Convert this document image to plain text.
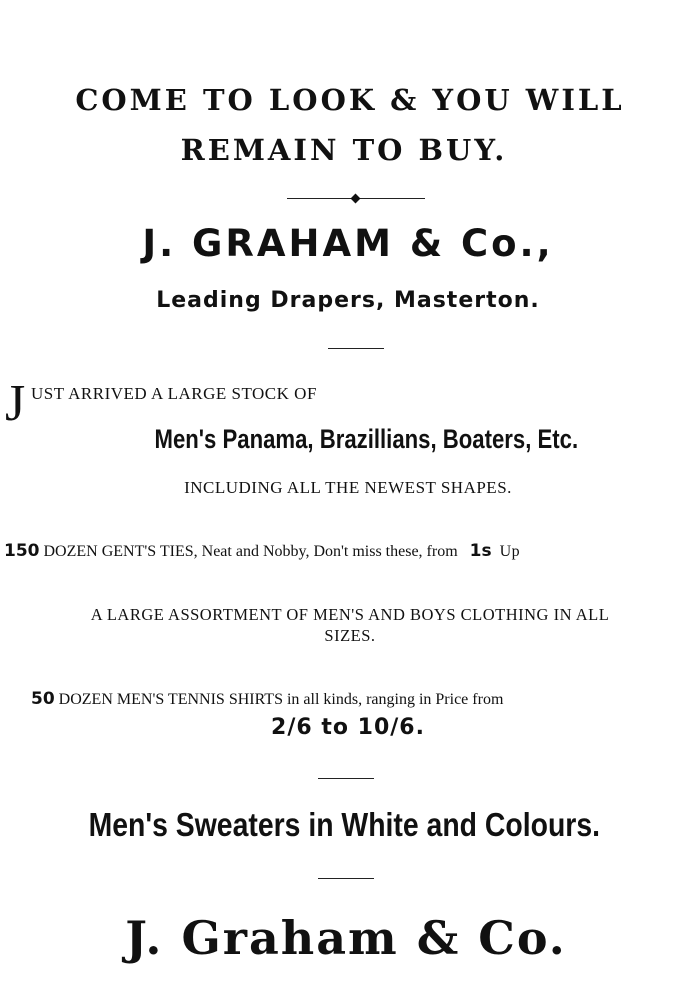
COME TO LOOK & YOU WILL
REMAIN TO BUY.
J. GRAHAM & Co.,
Leading Drapers, Masterton.
J UST ARRIVED A LARGE STOCK OF
Men's Panama, Brazillians, Boaters, Etc.
INCLUDING ALL THE NEWEST SHAPES.
150 DOZEN GENT'S TIES, Neat and Nobby, Don't miss these, from 1s Up
A LARGE ASSORTMENT OF MEN'S AND BOYS CLOTHING IN ALL
SIZES.
50 DOZEN MEN'S TENNIS SHIRTS in all kinds, ranging in Price from
2/6 to 10/6.
Men's Sweaters in White and Colours.
J. Graham & Co.
